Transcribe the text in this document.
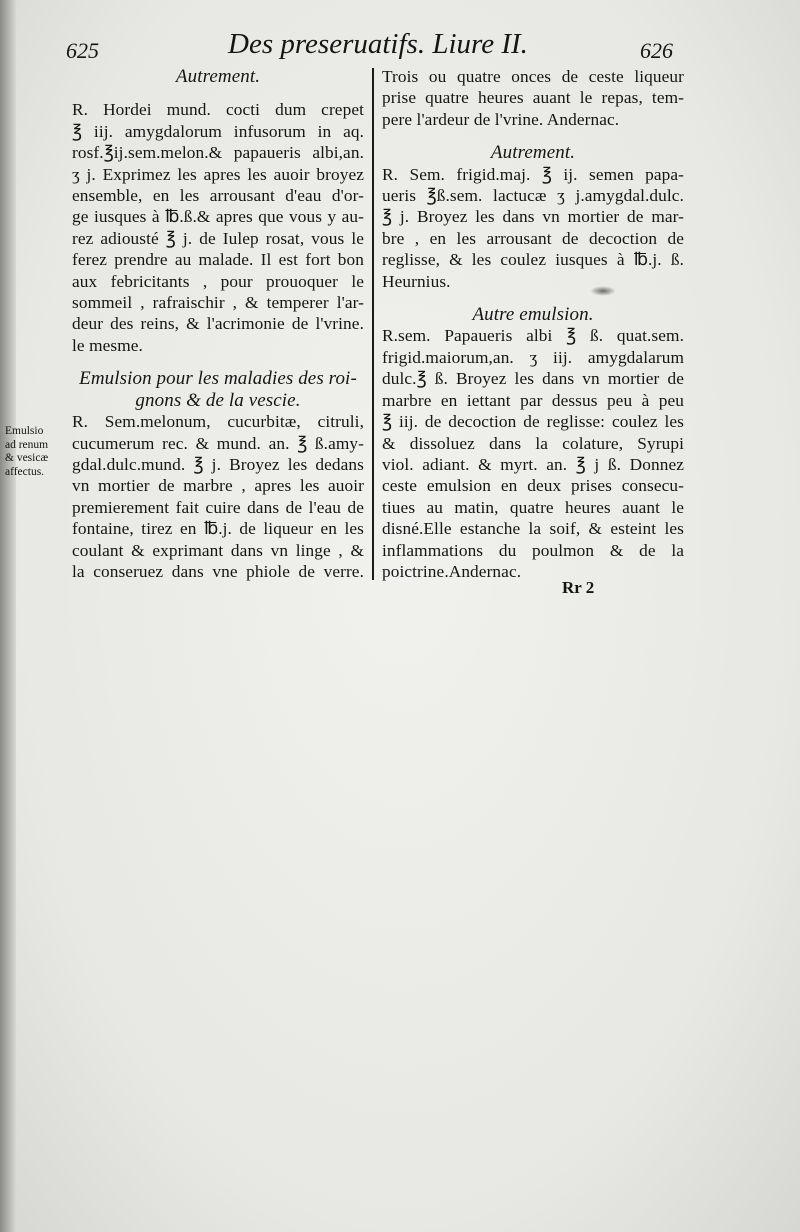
625	Des preseruatifs. Liure II.	626
Autrement.
R. Hordei mund. cocti dum crepet
℥ iij. amygdalorum infusorum in aq.
rosf.℥ij.sem.melon.& papaueris albi,an.
ʒ j. Exprimez les apres les auoir broyez
ensemble, en les arrousant d'eau d'or-
ge iusques à ℔.ß.& apres que vous y au-
rez adiousté ℥ j. de Iulep rosat, vous le
ferez prendre au malade. Il est fort bon
aux febricitants , pour prouoquer le
sommeil , rafraischir , & temperer l'ar-
deur des reins, & l'acrimonie de l'vrine.
le mesme.
Emulsion pour les maladies des roi-
gnons & de la vescie.
R. Sem.melonum, cucurbitæ, citruli,
cucumerum rec. & mund. an. ℥ ß.amy-
gdal.dulc.mund. ℥ j. Broyez les dedans
vn mortier de marbre , apres les auoir
premierement fait cuire dans de l'eau de
fontaine, tirez en ℔.j. de liqueur en les
coulant & exprimant dans vn linge , &
la conseruez dans vne phiole de verre.
Emulsio
ad renum
& vesicæ
affectus.
Trois ou quatre onces de ceste liqueur
prise quatre heures auant le repas, tem-
pere l'ardeur de l'vrine. Andernac.
Autrement.
R. Sem. frigid.maj. ℥ ij. semen papa-
ueris ℥ß.sem. lactucæ ʒ j.amygdal.dulc.
℥ j. Broyez les dans vn mortier de mar-
bre , en les arrousant de decoction de
reglisse, & les coulez iusques à ℔.j. ß.
Heurnius.
Autre emulsion.
R.sem. Papaueris albi ℥ ß. quat.sem.
frigid.maiorum,an. ʒ iij. amygdalarum
dulc.℥ ß. Broyez les dans vn mortier de
marbre en iettant par dessus peu à peu
℥ iij. de decoction de reglisse: coulez les
& dissoluez dans la colature, Syrupi
viol. adiant. & myrt. an. ℥ j ß. Donnez
ceste emulsion en deux prises consecu-
tiues au matin, quatre heures auant le
disné.Elle estanche la soif, & esteint les
inflammations du poulmon & de la
poictrine.Andernac.
Rr 2
